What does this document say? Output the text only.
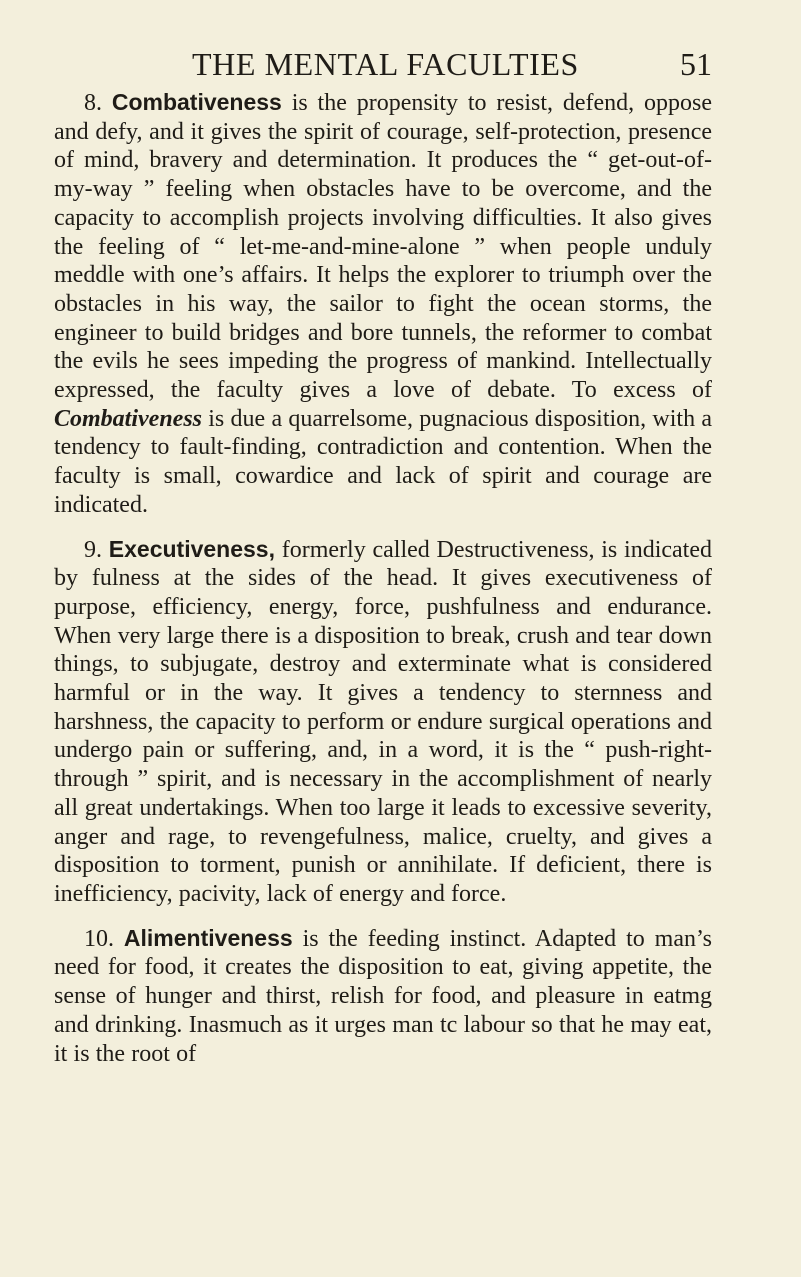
THE MENTAL FACULTIES	51

8. Combativeness is the propensity to resist, defend, oppose and defy, and it gives the spirit of courage, self-protection, presence of mind, bravery and determination. It produces the “ get-out-of-my-way ” feeling when obstacles have to be overcome, and the capacity to accomplish projects involving difficulties. It also gives the feeling of “ let-me-and-mine-alone ” when people unduly meddle with one’s affairs. It helps the explorer to triumph over the obstacles in his way, the sailor to fight the ocean storms, the engineer to build bridges and bore tunnels, the reformer to combat the evils he sees impeding the progress of mankind. Intellectually expressed, the faculty gives a love of debate. To excess of Combativeness is due a quarrelsome, pugnacious disposition, with a tendency to fault-finding, contradiction and contention. When the faculty is small, cowardice and lack of spirit and courage are indicated.

9. Executiveness, formerly called Destructiveness, is indicated by fulness at the sides of the head. It gives executiveness of purpose, efficiency, energy, force, pushfulness and endurance. When very large there is a disposition to break, crush and tear down things, to subjugate, destroy and exterminate what is considered harmful or in the way. It gives a tendency to sternness and harshness, the capacity to perform or endure surgical operations and undergo pain or suffering, and, in a word, it is the “ push-right-through ” spirit, and is necessary in the accomplishment of nearly all great undertakings. When too large it leads to excessive severity, anger and rage, to revengefulness, malice, cruelty, and gives a disposition to torment, punish or annihilate. If deficient, there is inefficiency, pacivity, lack of energy and force.

10. Alimentiveness is the feeding instinct. Adapted to man’s need for food, it creates the disposition to eat, giving appetite, the sense of hunger and thirst, relish for food, and pleasure in eatmg and drinking. Inasmuch as it urges man tc labour so that he may eat, it is the root of
